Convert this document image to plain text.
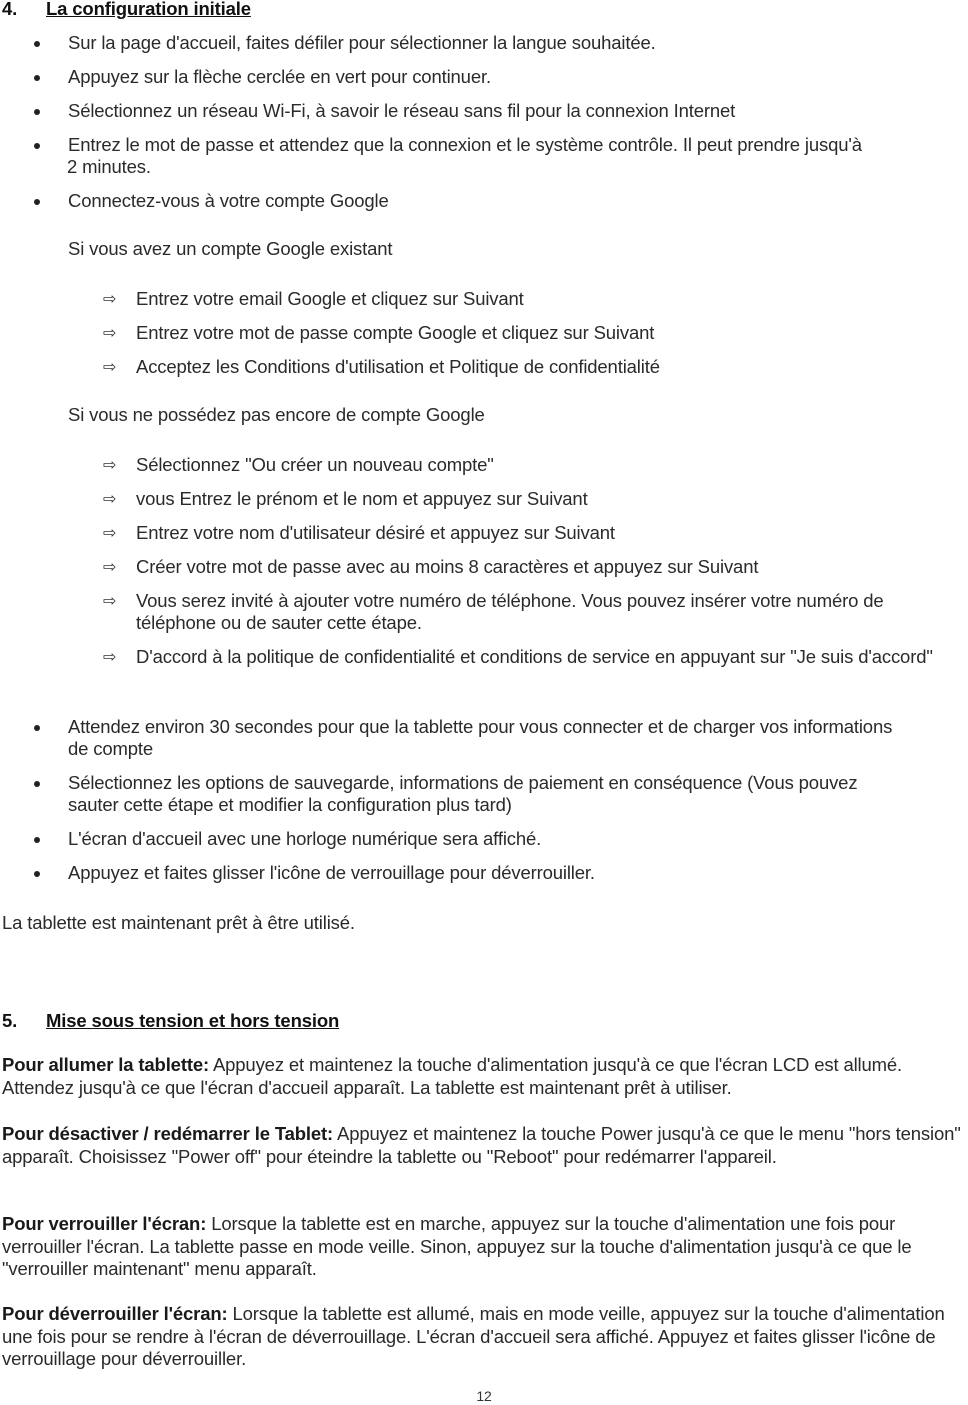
4. La configuration initiale
Sur la page d'accueil, faites défiler pour sélectionner la langue souhaitée.
Appuyez sur la flèche cerclée en vert pour continuer.
Sélectionnez un réseau Wi-Fi, à savoir le réseau sans fil pour la connexion Internet
Entrez le mot de passe et attendez que la connexion et le système contrôle. Il peut prendre jusqu'à
2 minutes.
Connectez-vous à votre compte Google
Si vous avez un compte Google existant
⇨ Entrez votre email Google et cliquez sur Suivant
⇨ Entrez votre mot de passe compte Google et cliquez sur Suivant
⇨ Acceptez les Conditions d'utilisation et Politique de confidentialité
Si vous ne possédez pas encore de compte Google
⇨ Sélectionnez "Ou créer un nouveau compte"
⇨ vous Entrez le prénom et le nom et appuyez sur Suivant
⇨ Entrez votre nom d'utilisateur désiré et appuyez sur Suivant
⇨ Créer votre mot de passe avec au moins 8 caractères et appuyez sur Suivant
⇨ Vous serez invité à ajouter votre numéro de téléphone. Vous pouvez insérer votre numéro de téléphone ou de sauter cette étape.
⇨ D'accord à la politique de confidentialité et conditions de service en appuyant sur "Je suis d'accord"
Attendez environ 30 secondes pour que la tablette pour vous connecter et de charger vos informations de compte
Sélectionnez les options de sauvegarde, informations de paiement en conséquence (Vous pouvez sauter cette étape et modifier la configuration plus tard)
L'écran d'accueil avec une horloge numérique sera affiché.
Appuyez et faites glisser l'icône de verrouillage pour déverrouiller.
La tablette est maintenant prêt à être utilisé.
5. Mise sous tension et hors tension
Pour allumer la tablette: Appuyez et maintenez la touche d'alimentation jusqu'à ce que l'écran LCD est allumé. Attendez jusqu'à ce que l'écran d'accueil apparaît. La tablette est maintenant prêt à utiliser.
Pour désactiver / redémarrer le Tablet: Appuyez et maintenez la touche Power jusqu'à ce que le menu "hors tension" apparaît. Choisissez "Power off" pour éteindre la tablette ou "Reboot" pour redémarrer l'appareil.
Pour verrouiller l'écran: Lorsque la tablette est en marche, appuyez sur la touche d'alimentation une fois pour verrouiller l'écran. La tablette passe en mode veille. Sinon, appuyez sur la touche d'alimentation jusqu'à ce que le "verrouiller maintenant" menu apparaît.
Pour déverrouiller l'écran: Lorsque la tablette est allumé, mais en mode veille, appuyez sur la touche d'alimentation une fois pour se rendre à l'écran de déverrouillage. L'écran d'accueil sera affiché. Appuyez et faites glisser l'icône de verrouillage pour déverrouiller.
12
